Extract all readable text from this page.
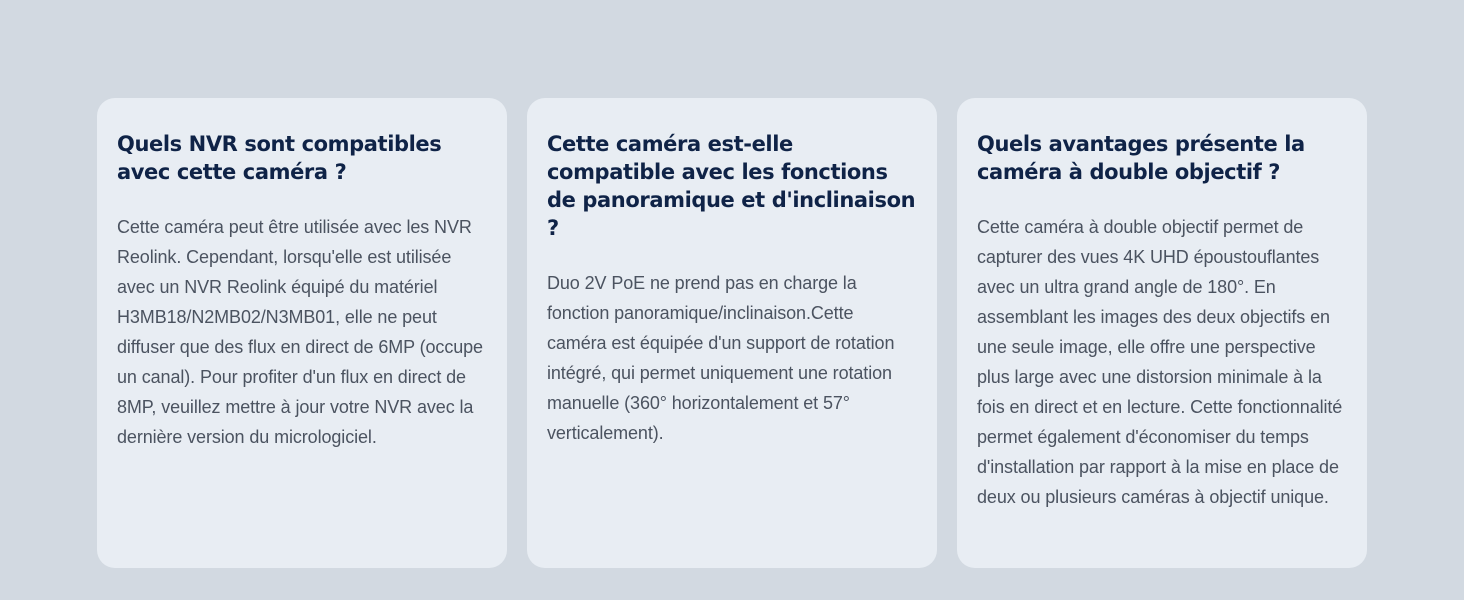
Quels NVR sont compatibles avec cette caméra ?

Cette caméra peut être utilisée avec les NVR Reolink. Cependant, lorsqu'elle est utilisée avec un NVR Reolink équipé du matériel H3MB18/N2MB02/N3MB01, elle ne peut diffuser que des flux en direct de 6MP (occupe un canal). Pour profiter d'un flux en direct de 8MP, veuillez mettre à jour votre NVR avec la dernière version du micrologiciel.

Cette caméra est-elle compatible avec les fonctions de panoramique et d'inclinaison ?

Duo 2V PoE ne prend pas en charge la fonction panoramique/inclinaison.Cette caméra est équipée d'un support de rotation intégré, qui permet uniquement une rotation manuelle (360° horizontalement et 57° verticalement).

Quels avantages présente la caméra à double objectif ?

Cette caméra à double objectif permet de capturer des vues 4K UHD époustouflantes avec un ultra grand angle de 180°. En assemblant les images des deux objectifs en une seule image, elle offre une perspective plus large avec une distorsion minimale à la fois en direct et en lecture. Cette fonctionnalité permet également d'économiser du temps d'installation par rapport à la mise en place de deux ou plusieurs caméras à objectif unique.
